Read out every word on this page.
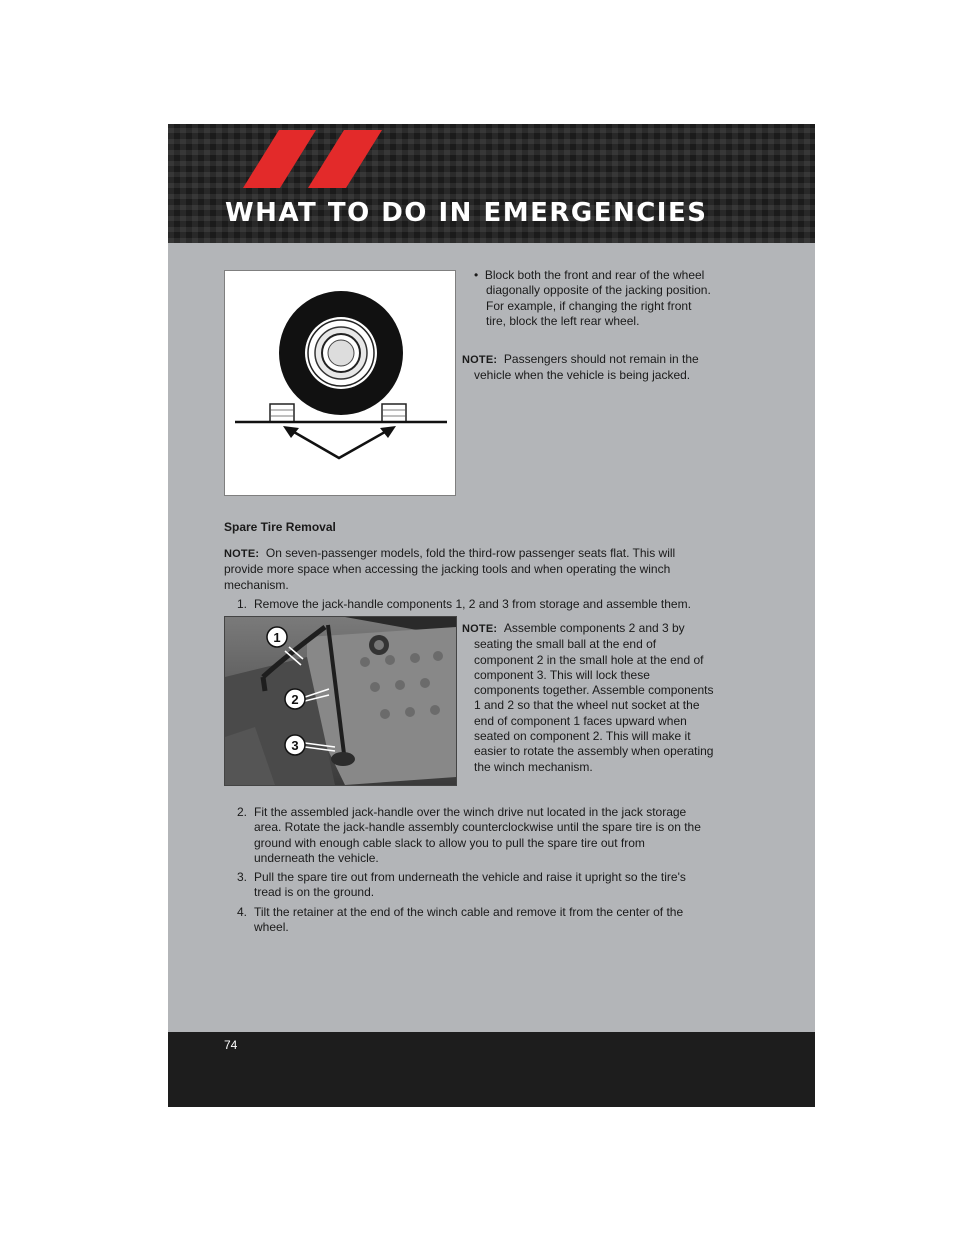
WHAT TO DO IN EMERGENCIES
•  Block both the front and rear of the wheel diagonally opposite of the jacking position. For example, if changing the right front tire, block the left rear wheel.
NOTE: Passengers should not remain in the vehicle when the vehicle is being jacked.
Spare Tire Removal
NOTE: On seven-passenger models, fold the third-row passenger seats flat. This will provide more space when accessing the jacking tools and when operating the winch mechanism.
1. Remove the jack-handle components 1, 2 and 3 from storage and assemble them.
1
2
3
NOTE: Assemble components 2 and 3 by seating the small ball at the end of component 2 in the small hole at the end of component 3. This will lock these components together. Assemble components 1 and 2 so that the wheel nut socket at the end of component 1 faces upward when seated on component 2. This will make it easier to rotate the assembly when operating the winch mechanism.
2. Fit the assembled jack-handle over the winch drive nut located in the jack storage area. Rotate the jack-handle assembly counterclockwise until the spare tire is on the ground with enough cable slack to allow you to pull the spare tire out from underneath the vehicle.
3. Pull the spare tire out from underneath the vehicle and raise it upright so the tire's tread is on the ground.
4. Tilt the retainer at the end of the winch cable and remove it from the center of the wheel.
74
